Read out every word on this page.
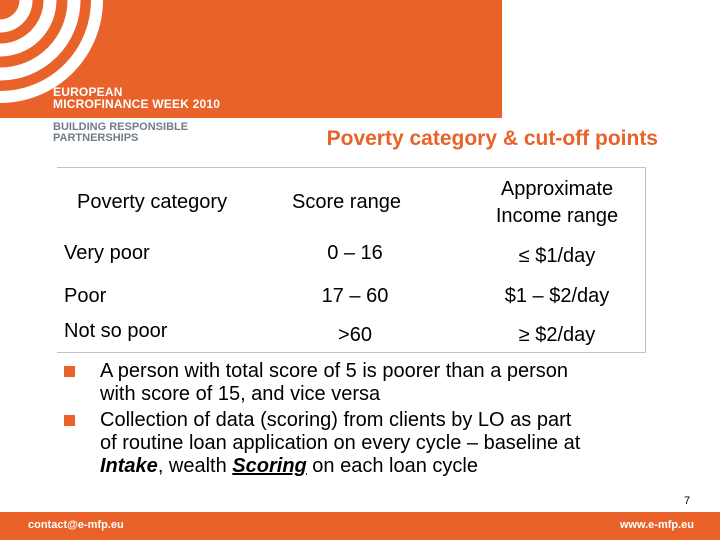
EUROPEAN
MICROFINANCE WEEK 2010
BUILDING RESPONSIBLE
PARTNERSHIPS	Poverty category & cut-off points
Poverty category	Score range
Approximate
Income range
Very poor	0 – 16	≤ $1/day
Poor	17 – 60	$1 – $2/day
Not so poor	>60	≥ $2/day
A person with total score of 5 is poorer than a person
with score of 15, and vice versa
Collection of data (scoring) from clients by LO as part
of routine loan application on every cycle – baseline at
Intake, wealth Scoring on each loan cycle
7
contact@e-mfp.eu	www.e-mfp.eu
